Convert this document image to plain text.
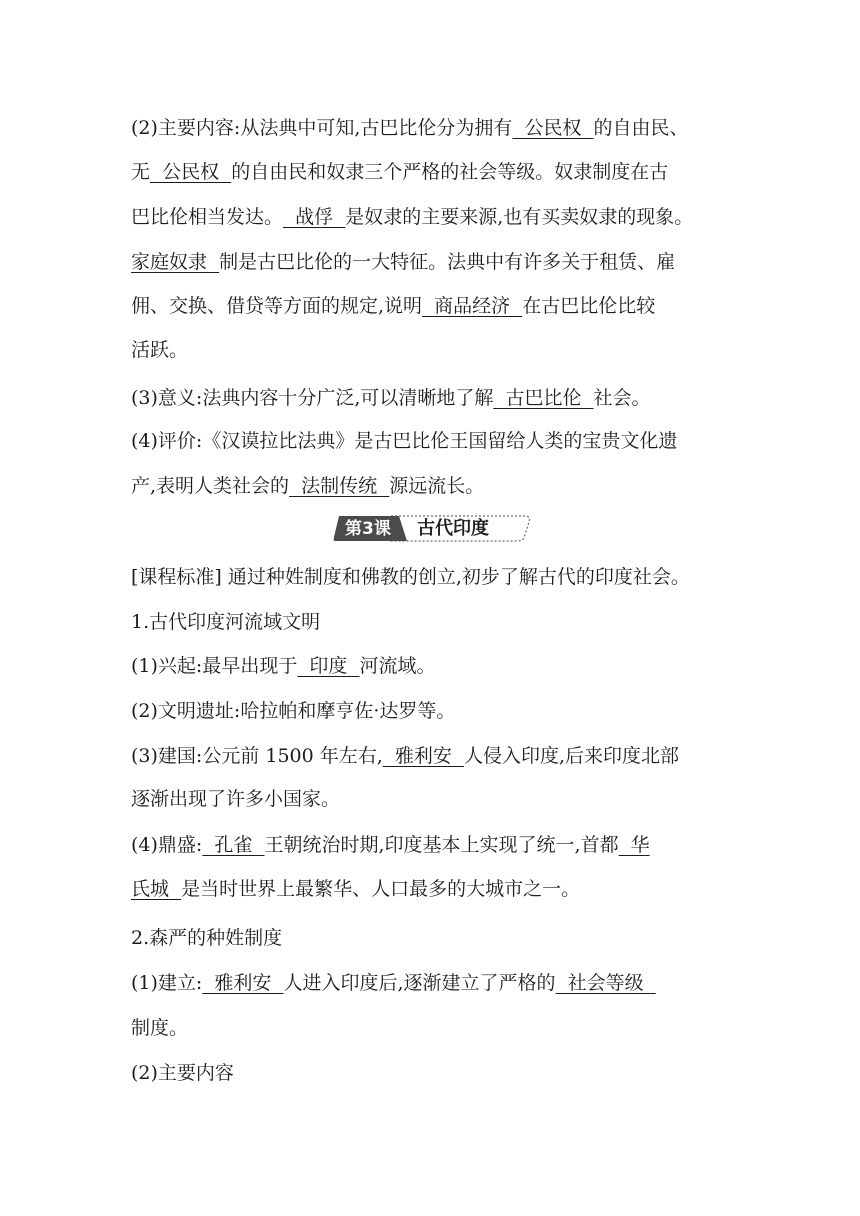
(2)主要内容:从法典中可知,古巴比伦分为拥有  公民权  的自由民、
无  公民权  的自由民和奴隶三个严格的社会等级。奴隶制度在古
巴比伦相当发达。  战俘  是奴隶的主要来源,也有买卖奴隶的现象。
家庭奴隶  制是古巴比伦的一大特征。法典中有许多关于租赁、雇
佣、交换、借贷等方面的规定,说明  商品经济  在古巴比伦比较
活跃。
(3)意义:法典内容十分广泛,可以清晰地了解  古巴比伦  社会。
(4)评价:《汉谟拉比法典》是古巴比伦王国留给人类的宝贵文化遗
产,表明人类社会的  法制传统  源远流长。
[课程标准] 通过种姓制度和佛教的创立,初步了解古代的印度社会。
1.古代印度河流域文明
(1)兴起:最早出现于  印度  河流域。
(2)文明遗址:哈拉帕和摩亨佐·达罗等。
(3)建国:公元前 1500 年左右,  雅利安  人侵入印度,后来印度北部
逐渐出现了许多小国家。
(4)鼎盛:  孔雀  王朝统治时期,印度基本上实现了统一,首都  华
氏城  是当时世界上最繁华、人口最多的大城市之一。
2.森严的种姓制度
(1)建立:  雅利安  人进入印度后,逐渐建立了严格的  社会等级
制度。
(2)主要内容
第3课 古代印度
